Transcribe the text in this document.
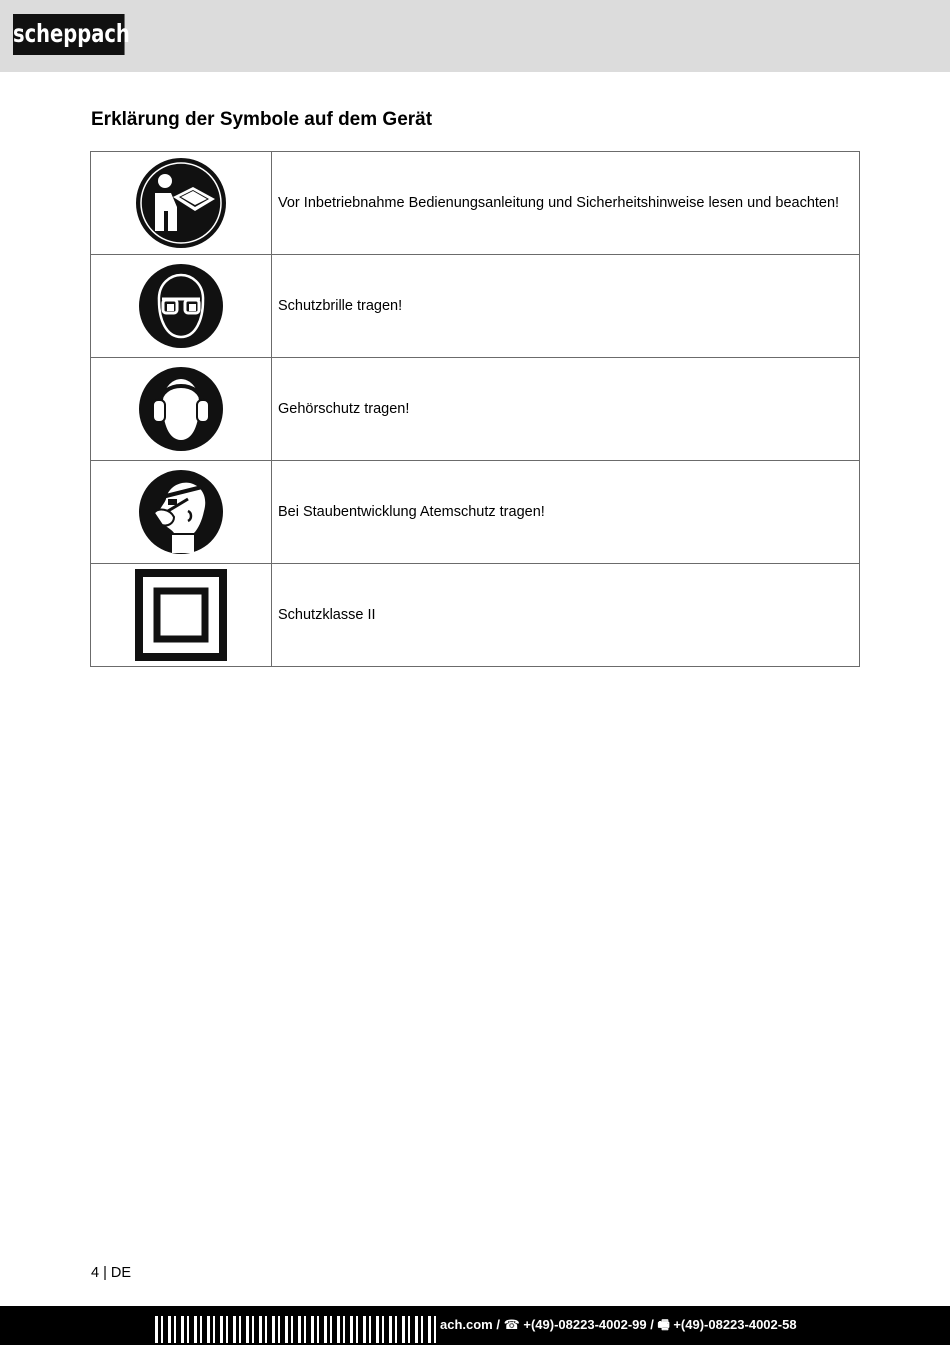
scheppach
Erklärung der Symbole auf dem Gerät
	Vor Inbetriebnahme Bedienungsanleitung und Sicherheitshinweise lesen und beachten!

	Schutzbrille tragen!

	Gehörschutz tragen!

	Bei Staubentwicklung Atemschutz tragen!

	Schutzklasse II
4 | DE
ach.com / ☎ +(49)-08223-4002-99 / 🖷 +(49)-08223-4002-58
